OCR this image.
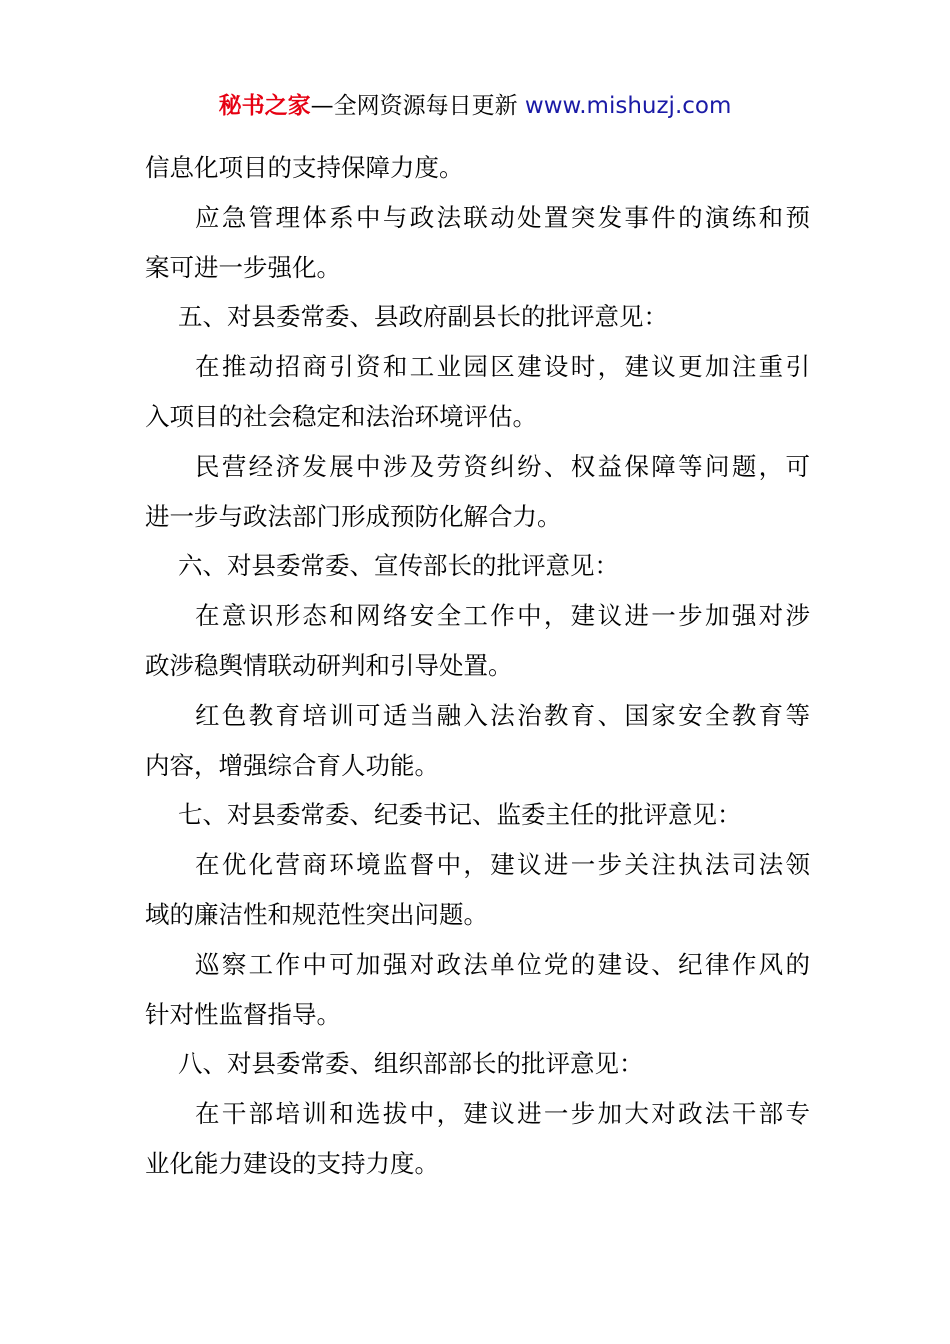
秘书之家—全网资源每日更新 www.mishuzj.com
信息化项目的支持保障力度。
应急管理体系中与政法联动处置突发事件的演练和预
案可进一步强化。
五、对县委常委、县政府副县长的批评意见：
在推动招商引资和工业园区建设时，建议更加注重引
入项目的社会稳定和法治环境评估。
民营经济发展中涉及劳资纠纷、权益保障等问题，可
进一步与政法部门形成预防化解合力。
六、对县委常委、宣传部长的批评意见：
在意识形态和网络安全工作中，建议进一步加强对涉
政涉稳舆情联动研判和引导处置。
红色教育培训可适当融入法治教育、国家安全教育等
内容，增强综合育人功能。
七、对县委常委、纪委书记、监委主任的批评意见：
在优化营商环境监督中，建议进一步关注执法司法领
域的廉洁性和规范性突出问题。
巡察工作中可加强对政法单位党的建设、纪律作风的
针对性监督指导。
八、对县委常委、组织部部长的批评意见：
在干部培训和选拔中，建议进一步加大对政法干部专
业化能力建设的支持力度。
